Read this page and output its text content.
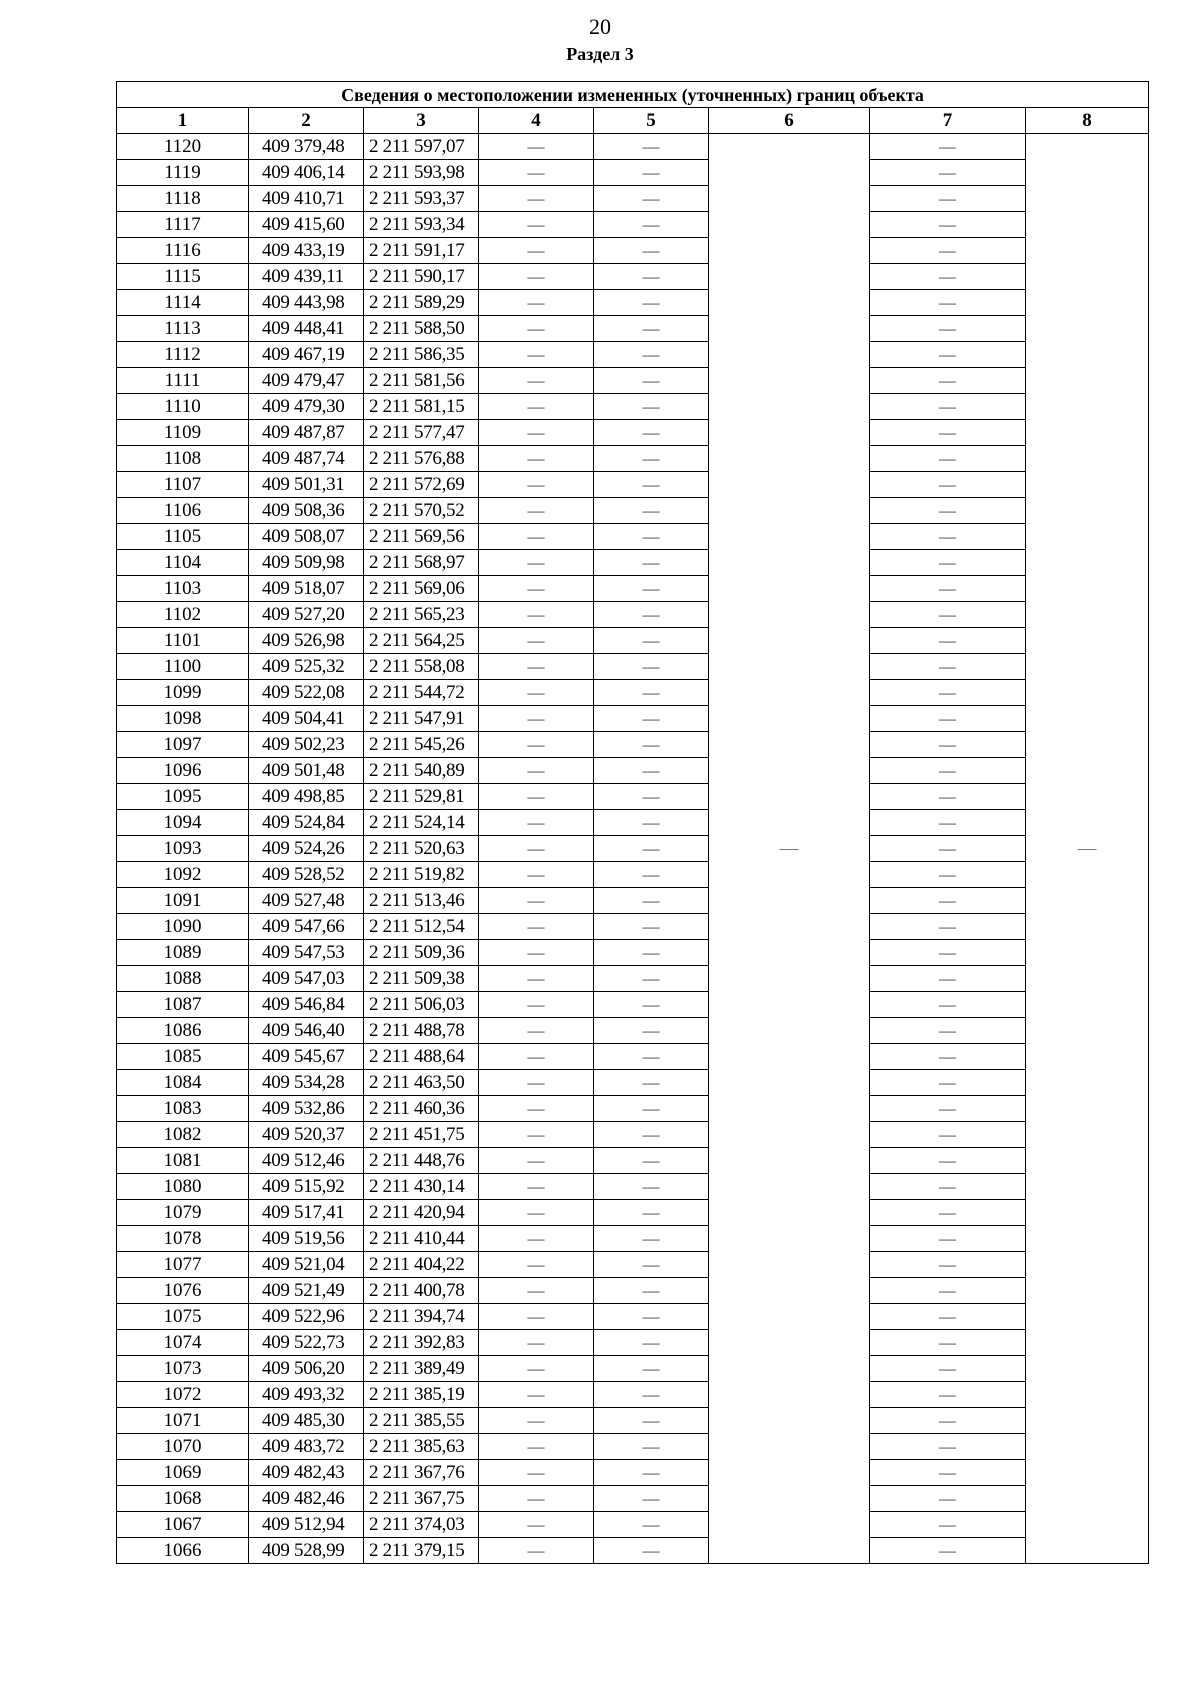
20
Раздел 3
Сведения о местоположении измененных (уточненных) границ объекта							
1	2	3	4	5	6	7	8
1120	409 379,48	2 211 597,07	—	—	—	—	—
1119	409 406,14	2 211 593,98	—	—		—	
1118	409 410,71	2 211 593,37	—	—		—	
1117	409 415,60	2 211 593,34	—	—		—	
1116	409 433,19	2 211 591,17	—	—		—	
1115	409 439,11	2 211 590,17	—	—		—	
1114	409 443,98	2 211 589,29	—	—		—	
1113	409 448,41	2 211 588,50	—	—		—	
1112	409 467,19	2 211 586,35	—	—		—	
1111	409 479,47	2 211 581,56	—	—		—	
1110	409 479,30	2 211 581,15	—	—		—	
1109	409 487,87	2 211 577,47	—	—		—	
1108	409 487,74	2 211 576,88	—	—		—	
1107	409 501,31	2 211 572,69	—	—		—	
1106	409 508,36	2 211 570,52	—	—		—	
1105	409 508,07	2 211 569,56	—	—		—	
1104	409 509,98	2 211 568,97	—	—		—	
1103	409 518,07	2 211 569,06	—	—		—	
1102	409 527,20	2 211 565,23	—	—		—	
1101	409 526,98	2 211 564,25	—	—		—	
1100	409 525,32	2 211 558,08	—	—		—	
1099	409 522,08	2 211 544,72	—	—		—	
1098	409 504,41	2 211 547,91	—	—		—	
1097	409 502,23	2 211 545,26	—	—		—	
1096	409 501,48	2 211 540,89	—	—		—	
1095	409 498,85	2 211 529,81	—	—		—	
1094	409 524,84	2 211 524,14	—	—		—	
1093	409 524,26	2 211 520,63	—	—		—	
1092	409 528,52	2 211 519,82	—	—		—	
1091	409 527,48	2 211 513,46	—	—		—	
1090	409 547,66	2 211 512,54	—	—		—	
1089	409 547,53	2 211 509,36	—	—		—	
1088	409 547,03	2 211 509,38	—	—		—	
1087	409 546,84	2 211 506,03	—	—		—	
1086	409 546,40	2 211 488,78	—	—		—	
1085	409 545,67	2 211 488,64	—	—		—	
1084	409 534,28	2 211 463,50	—	—		—	
1083	409 532,86	2 211 460,36	—	—		—	
1082	409 520,37	2 211 451,75	—	—		—	
1081	409 512,46	2 211 448,76	—	—		—	
1080	409 515,92	2 211 430,14	—	—		—	
1079	409 517,41	2 211 420,94	—	—		—	
1078	409 519,56	2 211 410,44	—	—		—	
1077	409 521,04	2 211 404,22	—	—		—	
1076	409 521,49	2 211 400,78	—	—		—	
1075	409 522,96	2 211 394,74	—	—		—	
1074	409 522,73	2 211 392,83	—	—		—	
1073	409 506,20	2 211 389,49	—	—		—	
1072	409 493,32	2 211 385,19	—	—		—	
1071	409 485,30	2 211 385,55	—	—		—	
1070	409 483,72	2 211 385,63	—	—		—	
1069	409 482,43	2 211 367,76	—	—		—	
1068	409 482,46	2 211 367,75	—	—		—	
1067	409 512,94	2 211 374,03	—	—		—	
1066	409 528,99	2 211 379,15	—	—		—	
